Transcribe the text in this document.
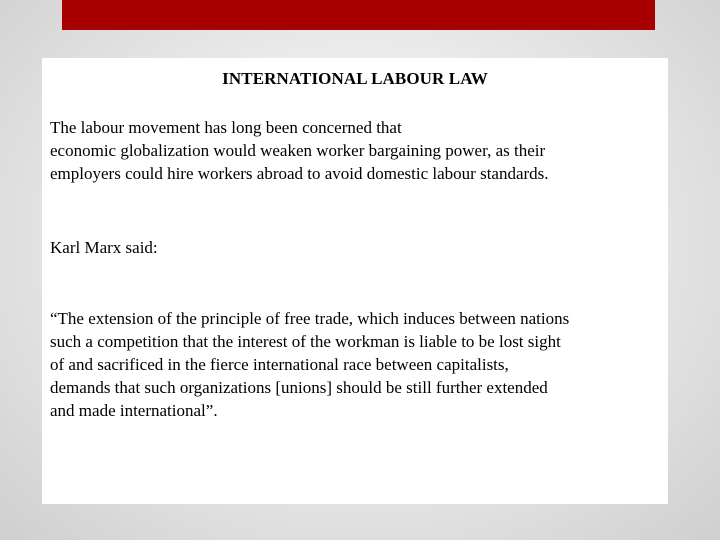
INTERNATIONAL LABOUR LAW

The labour movement has long been concerned that
economic globalization would weaken worker bargaining power, as their
employers could hire workers abroad to avoid domestic labour standards.

Karl Marx said:

“The extension of the principle of free trade, which induces between nations
such a competition that the interest of the workman is liable to be lost sight
of and sacrificed in the fierce international race between capitalists,
demands that such organizations [unions] should be still further extended
and made international”.
